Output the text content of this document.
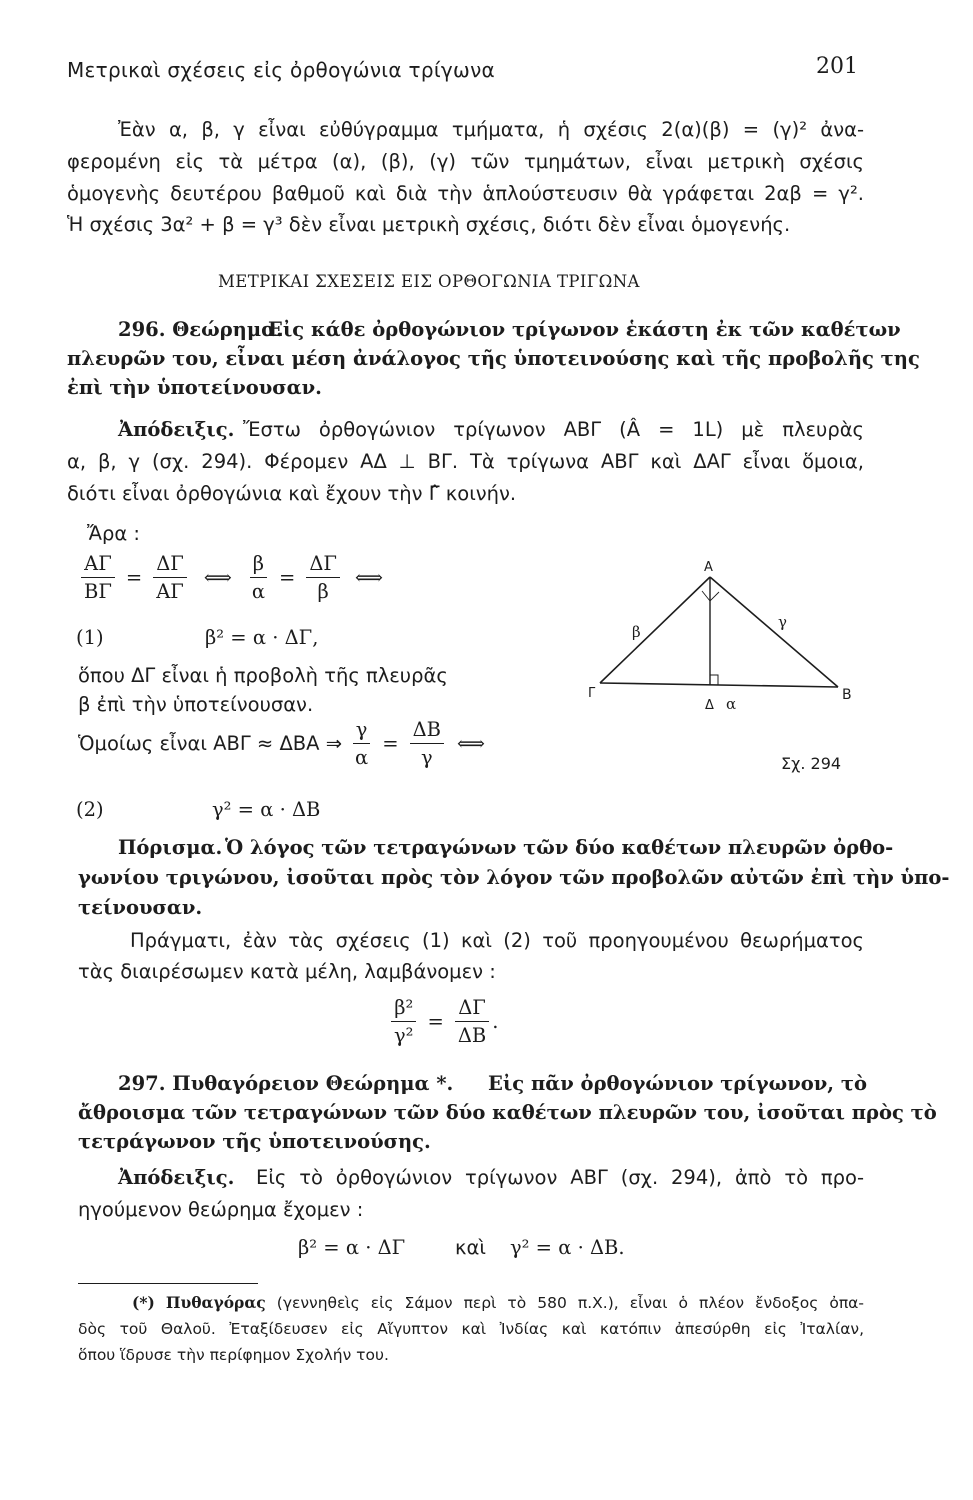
Μετρικαὶ σχέσεις εἰς ὀρθογώνια τρίγωνα	201
Ἐὰν α, β, γ εἶναι εὐθύγραμμα τμήματα, ἡ σχέσις 2(α)(β) = (γ)² ἀνα-
φερομένη εἰς τὰ μέτρα (α), (β), (γ) τῶν τμημάτων, εἶναι μετρικὴ σχέσις
ὁμογενὴς δευτέρου βαθμοῦ καὶ διὰ τὴν ἁπλούστευσιν θὰ γράφεται 2αβ = γ².
Ἡ σχέσις 3α² + β = γ³ δὲν εἶναι μετρικὴ σχέσις, διότι δὲν εἶναι ὁμογενής.
ΜΕΤΡΙΚΑΙ ΣΧΕΣΕΙΣ ΕΙΣ ΟΡΘΟΓΩΝΙΑ ΤΡΙΓΩΝΑ
296. Θεώρημα.
Εἰς κάθε ὀρθογώνιον τρίγωνον ἑκάστη ἐκ τῶν καθέτων
πλευρῶν του, εἶναι μέση ἀνάλογος τῆς ὑποτεινούσης καὶ τῆς προβολῆς της
ἐπὶ τὴν ὑποτείνουσαν.
Ἀπόδειξις. Ἔστω ὀρθογώνιον τρίγωνον ΑΒΓ (Â = 1L) μὲ πλευρὰς
α, β, γ (σχ. 294). Φέρομεν ΑΔ ⊥ ΒΓ. Τὰ τρίγωνα ΑΒΓ καὶ ΔΑΓ εἶναι ὅμοια,
διότι εἶναι ὀρθογώνια καὶ ἔχουν τὴν Γ̂ κοινήν.
Ἄρα :
$\frac{A\Gamma}{B\Gamma} = \frac{\Delta\Gamma}{A\Gamma}$ ⟺ $\frac{\beta}{\alpha} = \frac{\Delta\Gamma}{\beta}$ ⟺
(1)	β² = α · ΔΓ,
ὅπου ΔΓ εἶναι ἡ προβολὴ τῆς πλευρᾶς
β ἐπὶ τὴν ὑποτείνουσαν.
Ὁμοίως εἶναι ΑΒΓ ≈ ΔΒΑ ⇒ $\frac{\gamma}{\alpha} = \frac{\Delta B}{\gamma}$ ⟺
(2)	γ² = α · ΔΒ
Α
Β
Γ
Δ
β
γ
α
Σχ. 294
Πόρισμα. Ὁ λόγος τῶν τετραγώνων τῶν δύο καθέτων πλευρῶν ὀρθο-
γωνίου τριγώνου, ἰσοῦται πρὸς τὸν λόγον τῶν προβολῶν αὐτῶν ἐπὶ τὴν ὑπο-
τείνουσαν.
Πράγματι, ἐὰν τὰς σχέσεις (1) καὶ (2) τοῦ προηγουμένου θεωρήματος
τὰς διαιρέσωμεν κατὰ μέλη, λαμβάνομεν :
$\frac{\text{β²}}{\text{γ²}} = \frac{\Delta\Gamma}{\Delta B}$ .
297. Πυθαγόρειον Θεώρημα *. Εἰς πᾶν ὀρθογώνιον τρίγωνον, τὸ
ἄθροισμα τῶν τετραγώνων τῶν δύο καθέτων πλευρῶν του, ἰσοῦται πρὸς τὸ
τετράγωνον τῆς ὑποτεινούσης.
Ἀπόδειξις. Εἰς τὸ ὀρθογώνιον τρίγωνον ΑΒΓ (σχ. 294), ἀπὸ τὸ προ-
ηγούμενον θεώρημα ἔχομεν :
β² = α · ΔΓ	καὶ γ² = α · ΔΒ.
(*) Πυθαγόρας (γεννηθεὶς εἰς Σάμον περὶ τὸ 580 π.Χ.), εἶναι ὁ πλέον ἔνδοξος ὀπα-
δὸς τοῦ Θαλοῦ. Ἐταξίδευσεν εἰς Αἴγυπτον καὶ Ἰνδίας καὶ κατόπιν ἀπεσύρθη εἰς Ἰταλίαν,
ὅπου ἵδρυσε τὴν περίφημον Σχολήν του.
